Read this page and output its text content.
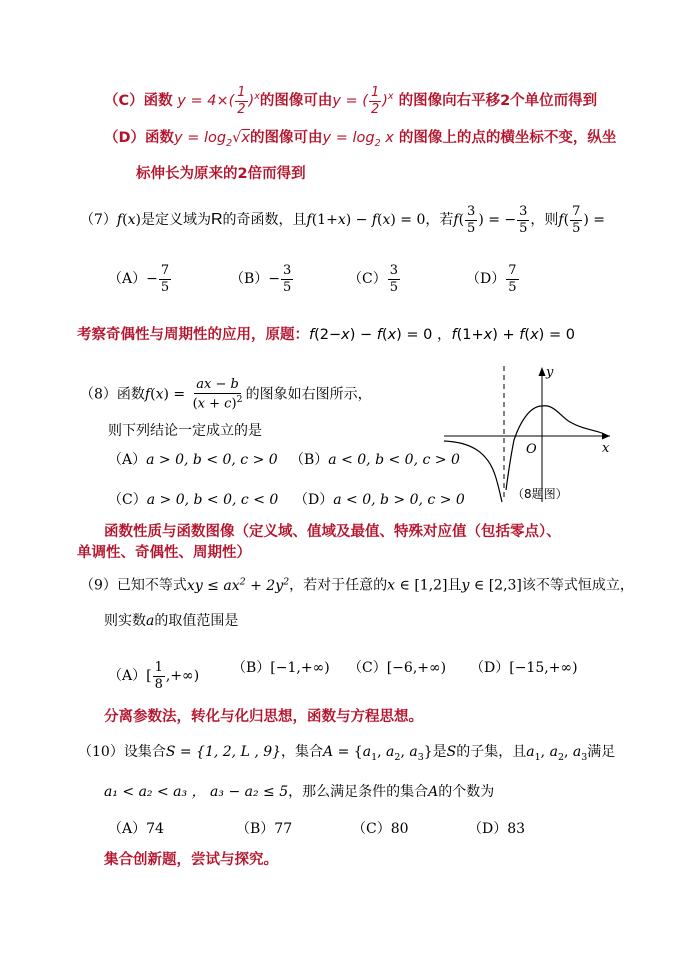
（C）函数 $y = 4\times( \frac{1}{2} )^x$的图像可由y = ( $\frac{1}{2} )^x$ 的图像向右平移2个单位而得到
（D）函数$y = \log_2√x$的图像可由$y = \log_2 x$ 的图像上的点的横坐标不变，纵坐
标伸长为原来的2倍而得到
（7）f(x)是定义域为R的奇函数，且f(1+x) − f(x) = 0，若$f( \frac{3}{5}$ ) = − $\frac{3}{5}$ ，则$f( \frac{7}{5}$ ) =
$(A)- \frac{7}{5}$	$(B)- \frac{3}{5}$	$(C) \frac{3}{5}$	$(D) \frac{7}{5}$
考察奇偶性与周期性的应用，原题：f(2−x) − f(x) = 0 ，f(1+x) + f(x) = 0
（8）函数$f(x) = \frac{ax - b}{(x + c)^2}$ 的图象如右图所示，
则下列结论一定成立的是
（A）a > 0, b < 0, c > 0 （B）a < 0, b < 0, c > 0
（C）a > 0, b < 0, c < 0 （D）a < 0, b > 0, c > 0
y
x
O
（8题图）
函数性质与函数图像（定义域、值域及最值、特殊对应值（包括零点）、
单调性、奇偶性、周期性）
（9）已知不等式xy ≤ $ax^2 + 2y^2$，若对于任意的x ∈ [1,2]且y ∈ [2,3]该不等式恒成立，
则实数a的取值范围是
$(A)[ \frac{1}{8}$ ,+∞)
（B）[−1,+∞) （C）[−6,+∞) （D）[−15,+∞)
分离参数法，转化与化归思想，函数与方程思想。
（10）设集合S = {1, 2, L , 9}，集合$A = \{a_1$, $a_2$, $a_3$}是S的子集，且$a_1$, $a_2$, $a_3$满足
a₁ < a₂ < a₃ ， a₃ − a₂ ≤ 5，那么满足条件的集合A的个数为
（A）74	（B）77	（C）80	（D）83
集合创新题，尝试与探究。
